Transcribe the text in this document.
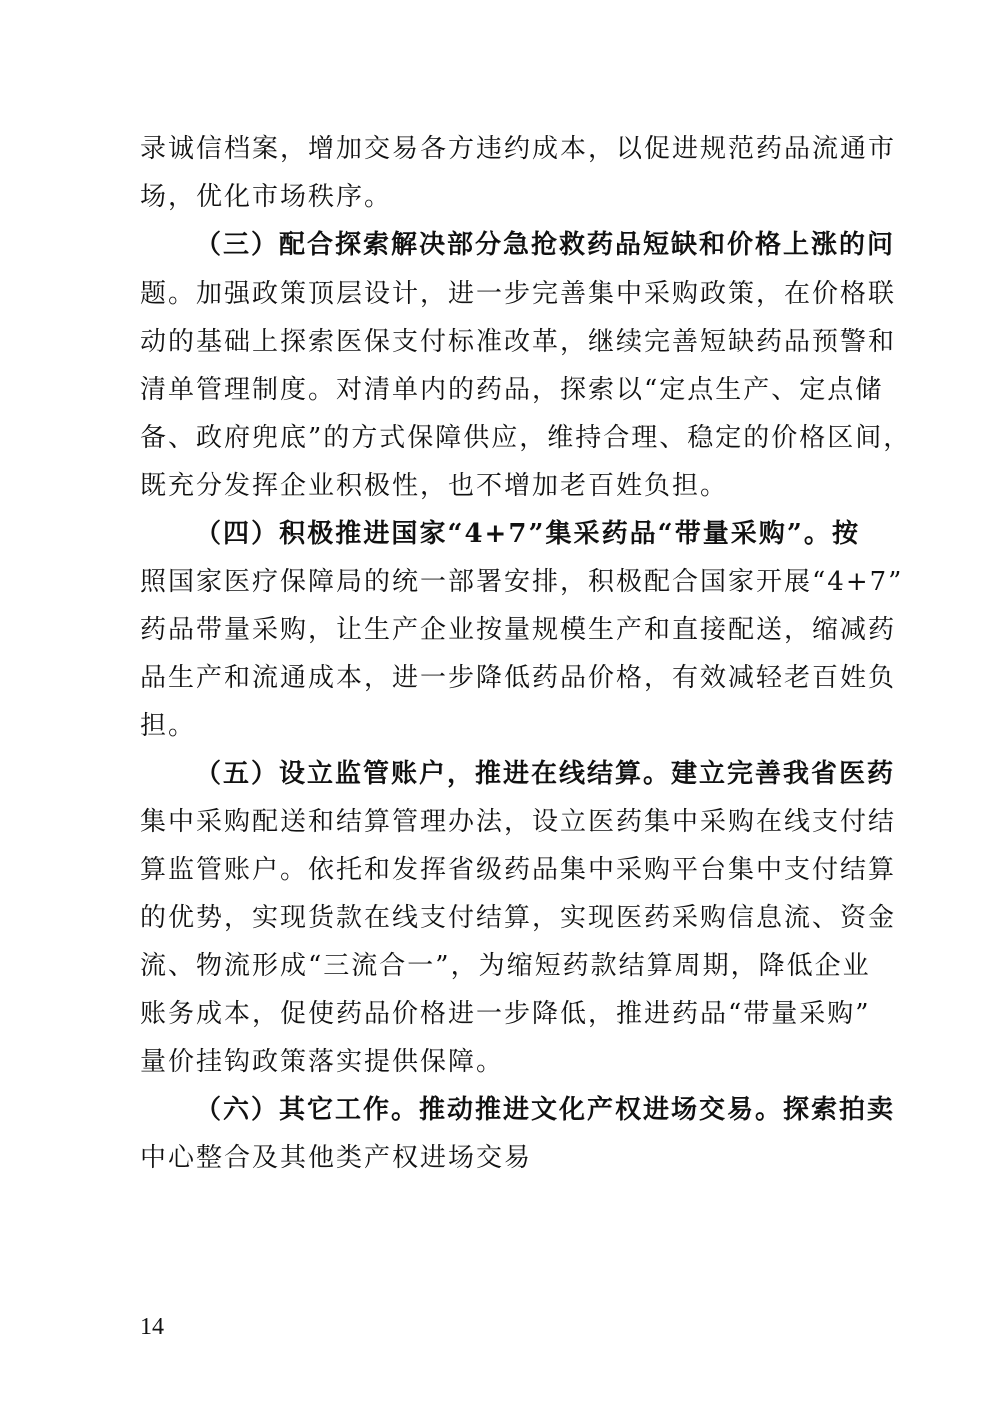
录诚信档案，增加交易各方违约成本，以促进规范药品流通市
场，优化市场秩序。
（三）配合探索解决部分急抢救药品短缺和价格上涨的问
题。加强政策顶层设计，进一步完善集中采购政策，在价格联
动的基础上探索医保支付标准改革，继续完善短缺药品预警和
清单管理制度。对清单内的药品，探索以“定点生产、定点储
备、政府兜底”的方式保障供应，维持合理、稳定的价格区间，
既充分发挥企业积极性，也不增加老百姓负担。
（四）积极推进国家“4+7”集采药品“带量采购”。按
照国家医疗保障局的统一部署安排，积极配合国家开展“4+7”
药品带量采购，让生产企业按量规模生产和直接配送，缩减药
品生产和流通成本，进一步降低药品价格，有效减轻老百姓负
担。
（五）设立监管账户，推进在线结算。建立完善我省医药
集中采购配送和结算管理办法，设立医药集中采购在线支付结
算监管账户。依托和发挥省级药品集中采购平台集中支付结算
的优势，实现货款在线支付结算，实现医药采购信息流、资金
流、物流形成“三流合一”，为缩短药款结算周期，降低企业
账务成本，促使药品价格进一步降低，推进药品“带量采购”
量价挂钩政策落实提供保障。
（六）其它工作。推动推进文化产权进场交易。探索拍卖
中心整合及其他类产权进场交易
14
